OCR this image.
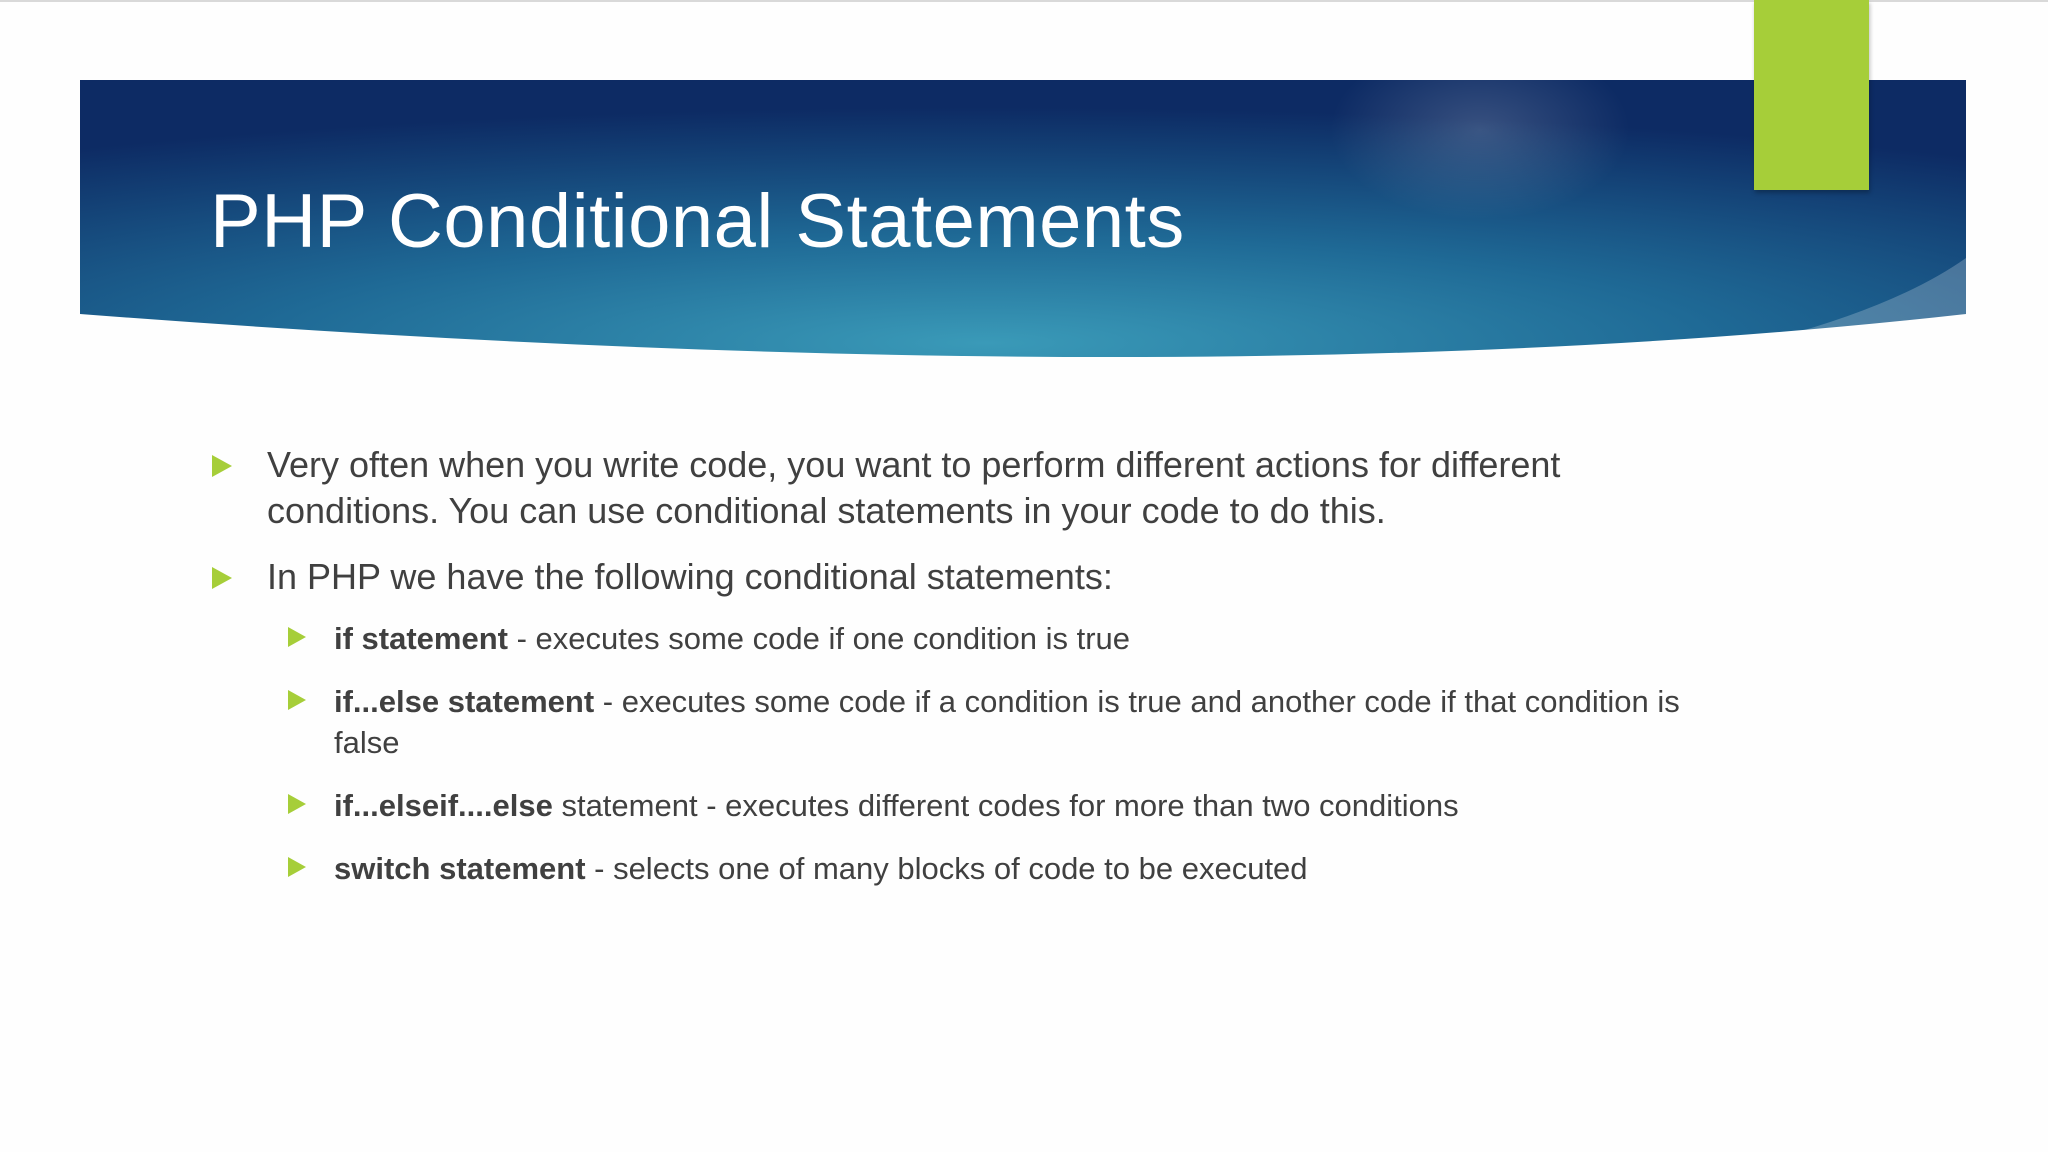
PHP Conditional Statements
Very often when you write code, you want to perform different actions for different conditions. You can use conditional statements in your code to do this.
In PHP we have the following conditional statements:
if statement - executes some code if one condition is true
if...else statement - executes some code if a condition is true and another code if that condition is false
if...elseif....else statement - executes different codes for more than two conditions
switch statement - selects one of many blocks of code to be executed
